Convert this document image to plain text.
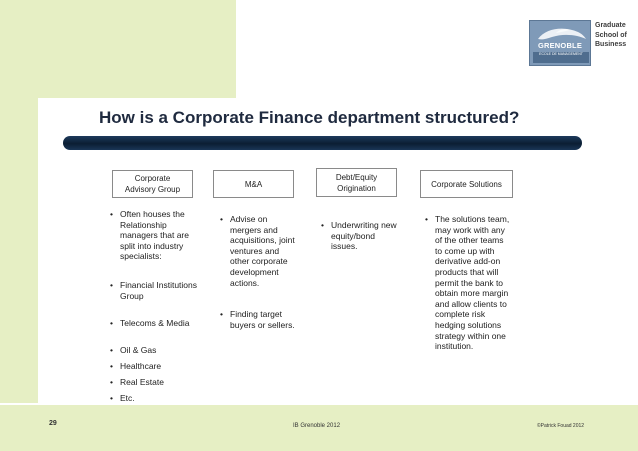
GRENOBLE
ECOLE DE MANAGEMENT
Graduate
School of
Business
How is a Corporate Finance department structured?
Corporate
Advisory Group
M&A
Debt/Equity
Origination	Corporate Solutions
• Often houses the Relationship managers that are split into industry specialists:
• Financial Institutions Group
• Telecoms & Media
• Oil & Gas
• Healthcare
• Real Estate
• Etc.
• Advise on mergers and acquisitions, joint ventures and other corporate development actions.
• Finding target buyers or sellers.
• Underwriting new equity/bond issues.
• The solutions team, may work with any of the other teams to come up with derivative add-on products that will permit the bank to obtain more margin and allow clients to complete risk hedging solutions strategy within one institution.
29	IB Grenoble 2012	©Patrick Fouad 2012
